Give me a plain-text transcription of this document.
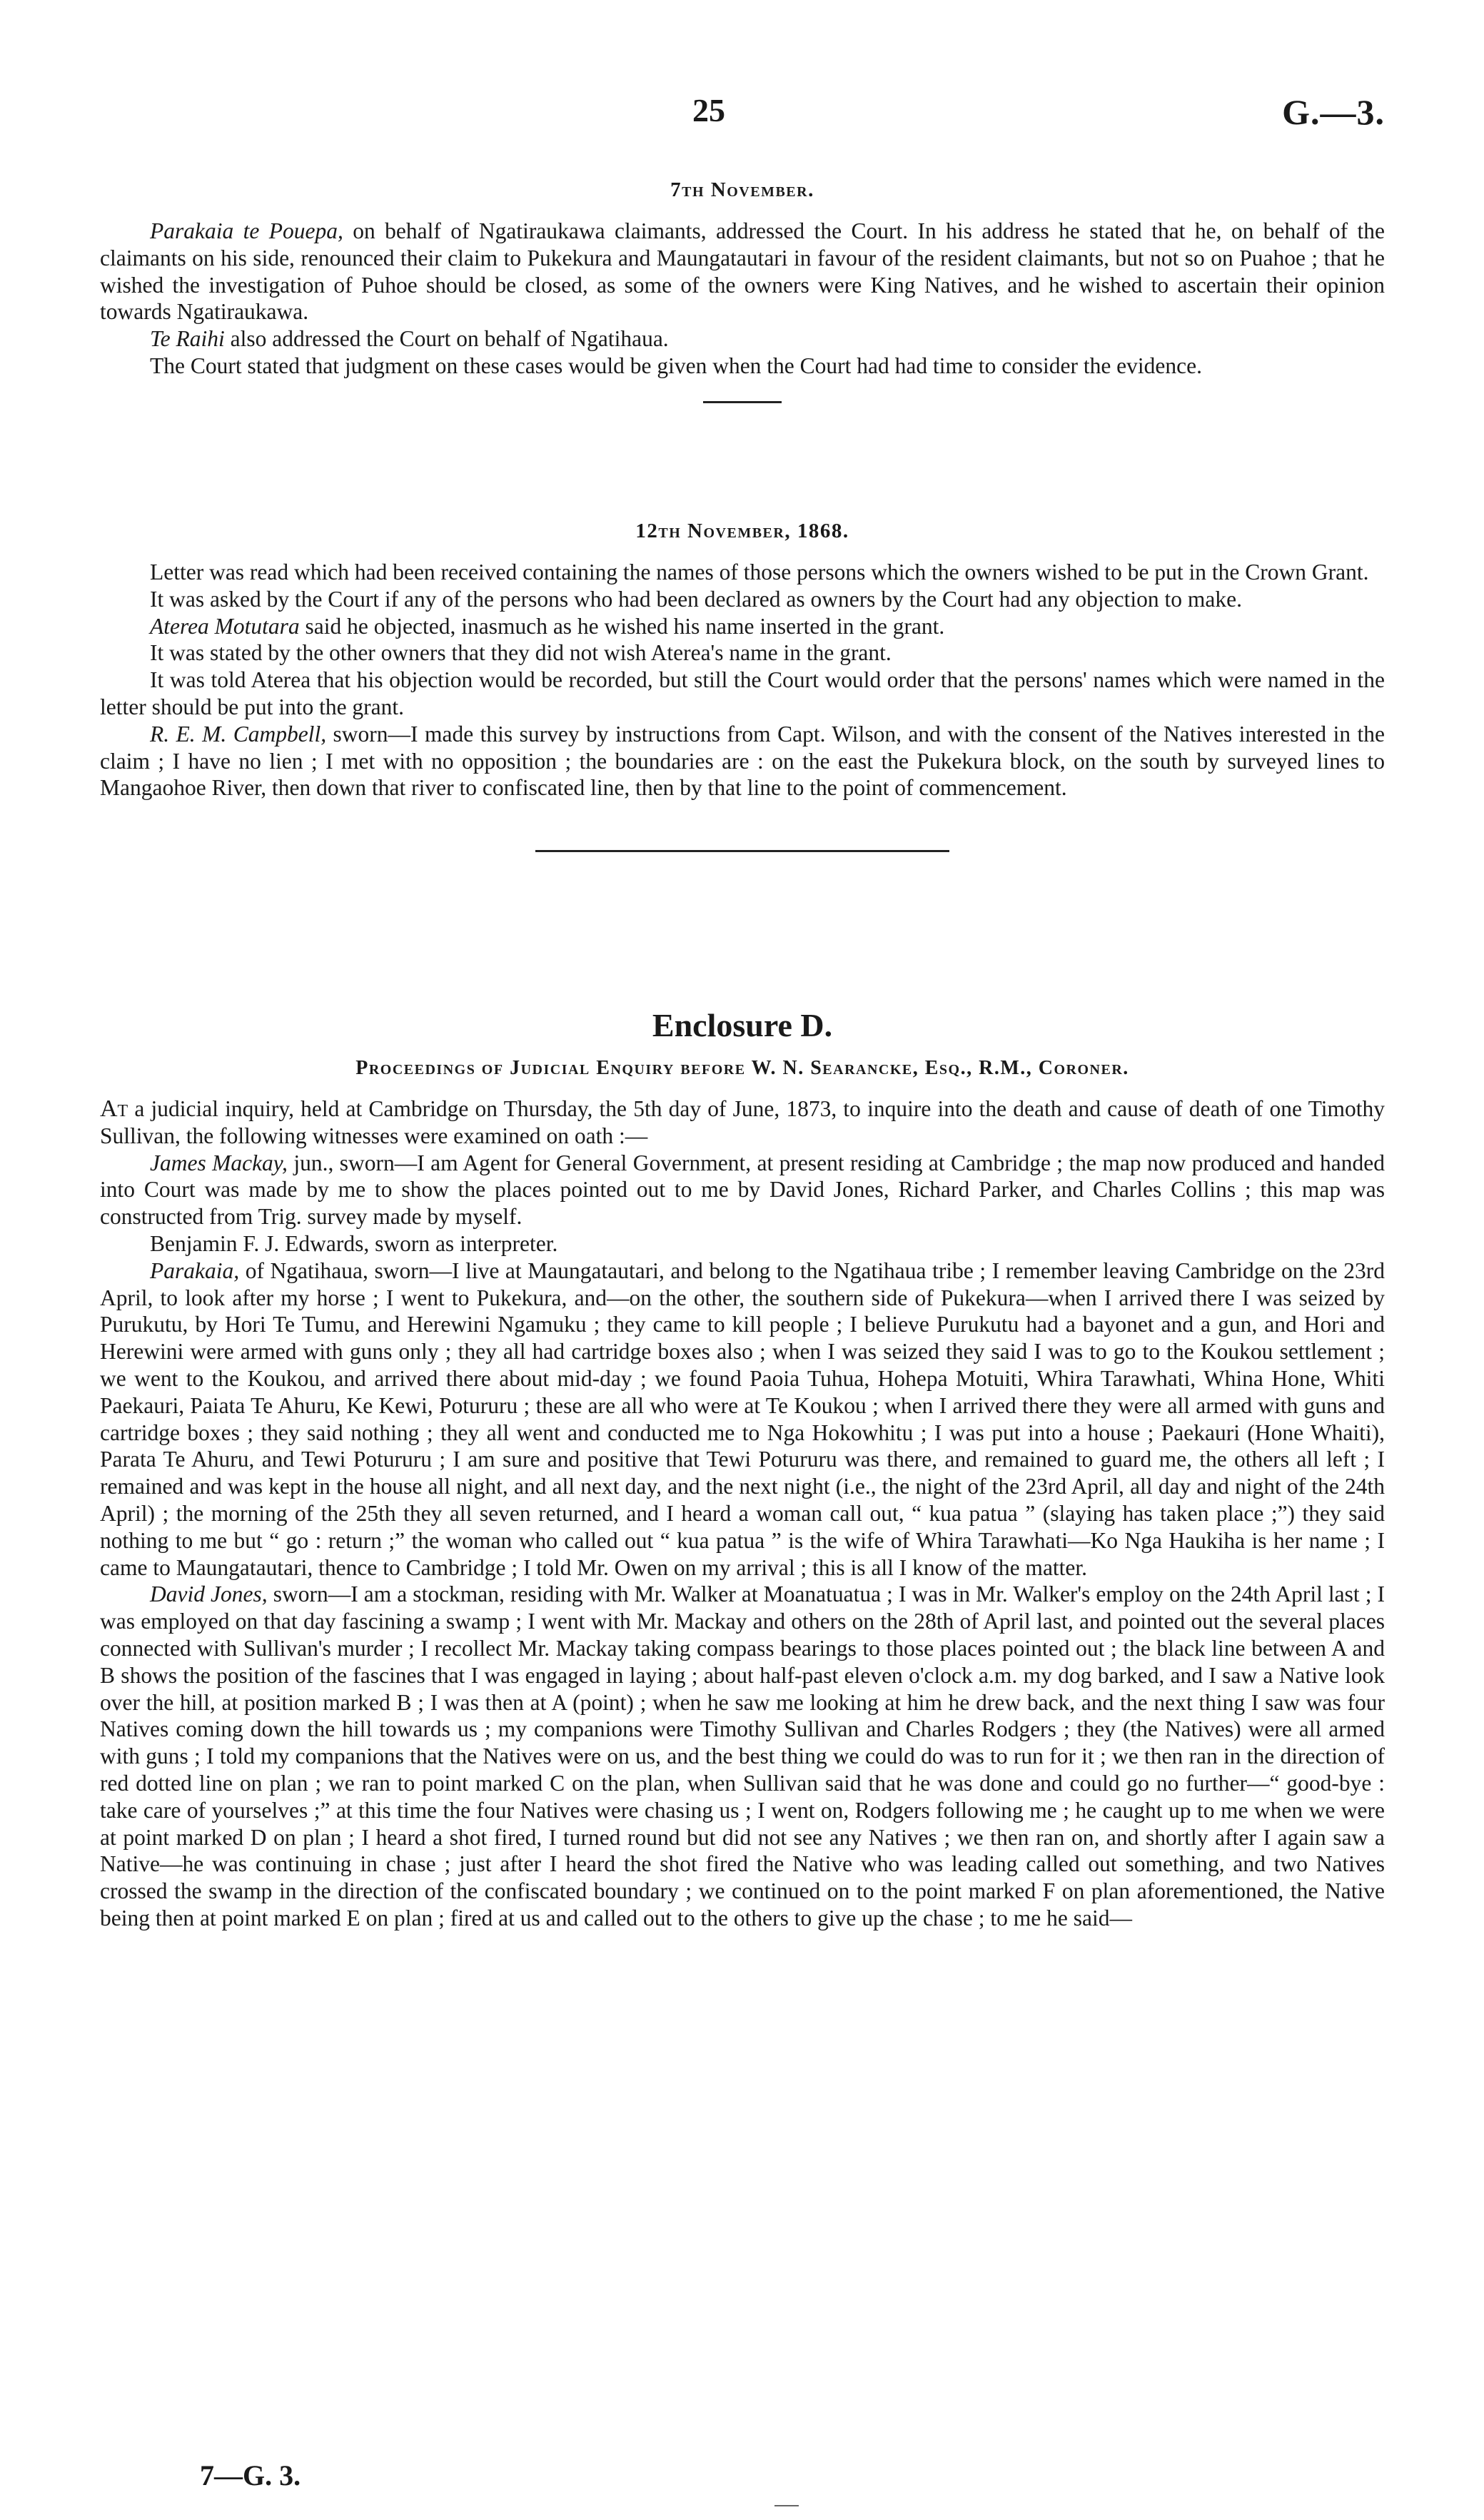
25	G.—3.
7th November.

Parakaia te Pouepa, on behalf of Ngatiraukawa claimants, addressed the Court. In his address he stated that he, on behalf of the claimants on his side, renounced their claim to Pukekura and Maungatautari in favour of the resident claimants, but not so on Puahoe ; that he wished the investigation of Puhoe should be closed, as some of the owners were King Natives, and he wished to ascertain their opinion towards Ngatiraukawa.

Te Raihi also addressed the Court on behalf of Ngatihaua.

The Court stated that judgment on these cases would be given when the Court had had time to consider the evidence.

12th November, 1868.

Letter was read which had been received containing the names of those persons which the owners wished to be put in the Crown Grant.

It was asked by the Court if any of the persons who had been declared as owners by the Court had any objection to make.

Aterea Motutara said he objected, inasmuch as he wished his name inserted in the grant.

It was stated by the other owners that they did not wish Aterea's name in the grant.

It was told Aterea that his objection would be recorded, but still the Court would order that the persons' names which were named in the letter should be put into the grant.

R. E. M. Campbell, sworn—I made this survey by instructions from Capt. Wilson, and with the consent of the Natives interested in the claim ; I have no lien ; I met with no opposition ; the boundaries are : on the east the Pukekura block, on the south by surveyed lines to Mangaohoe River, then down that river to confiscated line, then by that line to the point of commencement.

Enclosure D.
Proceedings of Judicial Enquiry before W. N. Searancke, Esq., R.M., Coroner.

At a judicial inquiry, held at Cambridge on Thursday, the 5th day of June, 1873, to inquire into the death and cause of death of one Timothy Sullivan, the following witnesses were examined on oath :—

James Mackay, jun., sworn—I am Agent for General Government, at present residing at Cambridge ; the map now produced and handed into Court was made by me to show the places pointed out to me by David Jones, Richard Parker, and Charles Collins ; this map was constructed from Trig. survey made by myself.

Benjamin F. J. Edwards, sworn as interpreter.

Parakaia, of Ngatihaua, sworn—I live at Maungatautari, and belong to the Ngatihaua tribe ; I remember leaving Cambridge on the 23rd April, to look after my horse ; I went to Pukekura, and—on the other, the southern side of Pukekura—when I arrived there I was seized by Purukutu, by Hori Te Tumu, and Herewini Ngamuku ; they came to kill people ; I believe Purukutu had a bayonet and a gun, and Hori and Herewini were armed with guns only ; they all had cartridge boxes also ; when I was seized they said I was to go to the Koukou settlement ; we went to the Koukou, and arrived there about mid-day ; we found Paoia Tuhua, Hohepa Motuiti, Whira Tarawhati, Whina Hone, Whiti Paekauri, Paiata Te Ahuru, Ke Kewi, Potururu ; these are all who were at Te Koukou ; when I arrived there they were all armed with guns and cartridge boxes ; they said nothing ; they all went and conducted me to Nga Hokowhitu ; I was put into a house ; Paekauri (Hone Whaiti), Parata Te Ahuru, and Tewi Potururu ; I am sure and positive that Tewi Potururu was there, and remained to guard me, the others all left ; I remained and was kept in the house all night, and all next day, and the next night (i.e., the night of the 23rd April, all day and night of the 24th April) ; the morning of the 25th they all seven returned, and I heard a woman call out, “ kua patua ” (slaying has taken place ;”) they said nothing to me but “ go : return ;” the woman who called out “ kua patua ” is the wife of Whira Tarawhati—Ko Nga Haukiha is her name ; I came to Maungatautari, thence to Cambridge ; I told Mr. Owen on my arrival ; this is all I know of the matter.

David Jones, sworn—I am a stockman, residing with Mr. Walker at Moanatuatua ; I was in Mr. Walker's employ on the 24th April last ; I was employed on that day fascining a swamp ; I went with Mr. Mackay and others on the 28th of April last, and pointed out the several places connected with Sullivan's murder ; I recollect Mr. Mackay taking compass bearings to those places pointed out ; the black line between A and B shows the position of the fascines that I was engaged in laying ; about half-past eleven o'clock a.m. my dog barked, and I saw a Native look over the hill, at position marked B ; I was then at A (point) ; when he saw me looking at him he drew back, and the next thing I saw was four Natives coming down the hill towards us ; my companions were Timothy Sullivan and Charles Rodgers ; they (the Natives) were all armed with guns ; I told my companions that the Natives were on us, and the best thing we could do was to run for it ; we then ran in the direction of red dotted line on plan ; we ran to point marked C on the plan, when Sullivan said that he was done and could go no further—“ good-bye : take care of yourselves ;” at this time the four Natives were chasing us ; I went on, Rodgers following me ; he caught up to me when we were at point marked D on plan ; I heard a shot fired, I turned round but did not see any Natives ; we then ran on, and shortly after I again saw a Native—he was continuing in chase ; just after I heard the shot fired the Native who was leading called out something, and two Natives crossed the swamp in the direction of the confiscated boundary ; we continued on to the point marked F on plan aforementioned, the Native being then at point marked E on plan ; fired at us and called out to the others to give up the chase ; to me he said—

7—G. 3.
